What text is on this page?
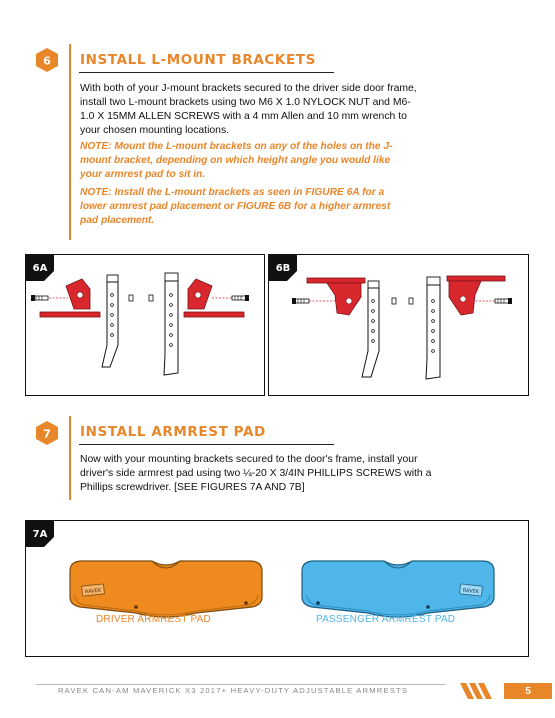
6 INSTALL L-MOUNT BRACKETS
With both of your J-mount brackets secured to the driver side door frame, install two L-mount brackets using two M6 X 1.0 NYLOCK NUT and M6-1.0 X 15MM ALLEN SCREWS with a 4 mm Allen and 10 mm wrench to your chosen mounting locations.
NOTE: Mount the L-mount brackets on any of the holes on the J-mount bracket, depending on which height angle you would like your armrest pad to sit in.
NOTE: Install the L-mount brackets as seen in FIGURE 6A for a lower armrest pad placement or FIGURE 6B for a higher armrest pad placement.
6A	6B
7 INSTALL ARMREST PAD
Now with your mounting brackets secured to the door's frame, install your driver's side armrest pad using two ¼-20 X 3/4IN PHILLIPS SCREWS with a Phillips screwdriver. [SEE FIGURES 7A AND 7B]
7A
RAVEK
DRIVER ARMREST PAD
RAVEK
PASSENGER ARMREST PAD
RAVEK CAN-AM MAVERICK X3 2017+ HEAVY-DUTY ADJUSTABLE ARMRESTS	5
